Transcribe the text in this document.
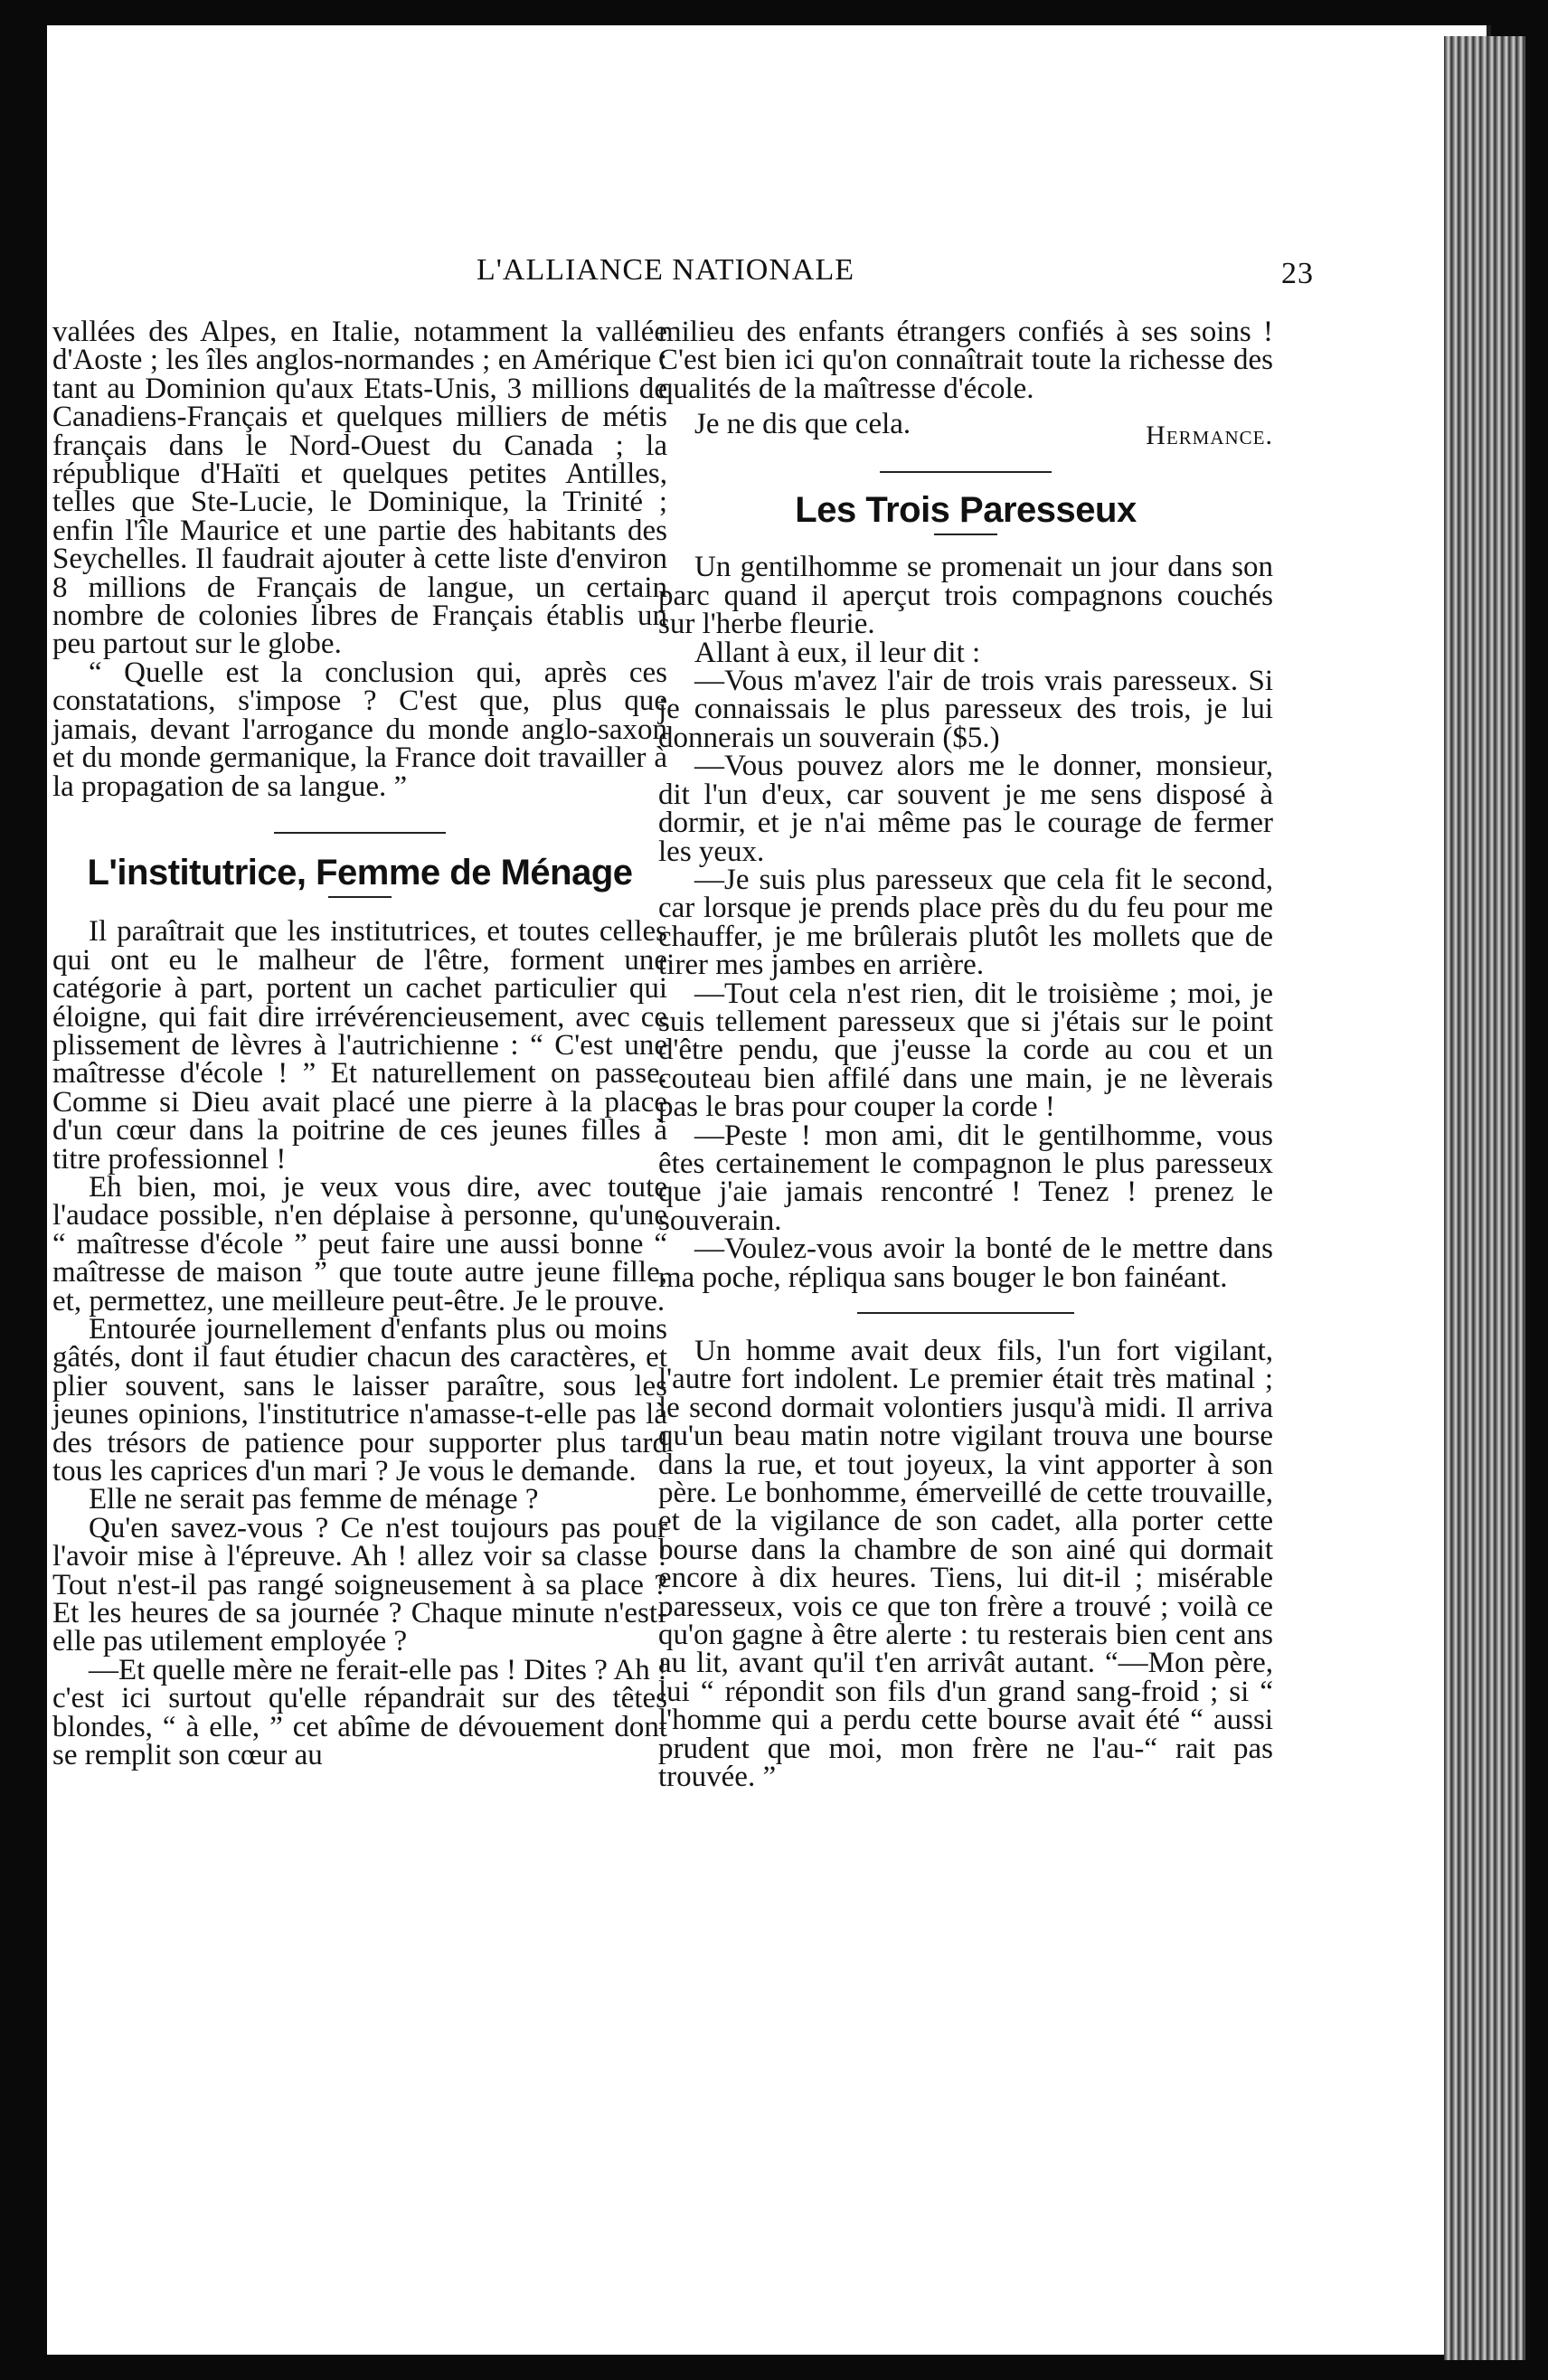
L'ALLIANCE NATIONALE	23

vallées des Alpes, en Italie, notamment la vallée d'Aoste ; les îles anglos-normandes ; en Amérique : tant au Dominion qu'aux Etats-Unis, 3 millions de Canadiens-Français et quelques milliers de métis français dans le Nord-Ouest du Canada ; la république d'Haïti et quelques petites Antilles, telles que Ste-Lucie, le Dominique, la Trinité ; enfin l'île Maurice et une partie des habitants des Seychelles. Il faudrait ajouter à cette liste d'environ 8 millions de Français de langue, un certain nombre de colonies libres de Français établis un peu partout sur le globe.

“ Quelle est la conclusion qui, après ces constatations, s'impose ? C'est que, plus que jamais, devant l'arrogance du monde anglo-saxon et du monde germanique, la France doit travailler à la propagation de sa langue. ”

L'institutrice, Femme de Ménage

Il paraîtrait que les institutrices, et toutes celles qui ont eu le malheur de l'être, forment une catégorie à part, portent un cachet particulier qui éloigne, qui fait dire irrévérencieusement, avec ce plissement de lèvres à l'autrichienne : “ C'est une maîtresse d'école ! ” Et naturellement on passe. Comme si Dieu avait placé une pierre à la place d'un cœur dans la poitrine de ces jeunes filles à titre professionnel !

Eh bien, moi, je veux vous dire, avec toute l'audace possible, n'en déplaise à personne, qu'une “ maîtresse d'école ” peut faire une aussi bonne “ maîtresse de maison ” que toute autre jeune fille, et, permettez, une meilleure peut-être. Je le prouve.

Entourée journellement d'enfants plus ou moins gâtés, dont il faut étudier chacun des caractères, et plier souvent, sans le laisser paraître, sous les jeunes opinions, l'institutrice n'amasse-t-elle pas là des trésors de patience pour supporter plus tard tous les caprices d'un mari ? Je vous le demande.

Elle ne serait pas femme de ménage ?

Qu'en savez-vous ? Ce n'est toujours pas pour l'avoir mise à l'épreuve. Ah ! allez voir sa classe ! Tout n'est-il pas rangé soigneusement à sa place ? Et les heures de sa journée ? Chaque minute n'est-elle pas utilement employée ?

—Et quelle mère ne ferait-elle pas ! Dites ? Ah ! c'est ici surtout qu'elle répandrait sur des têtes blondes, “ à elle, ” cet abîme de dévouement dont se remplit son cœur au

milieu des enfants étrangers confiés à ses soins ! C'est bien ici qu'on connaîtrait toute la richesse des qualités de la maîtresse d'école.

Je ne dis que cela.	Hermance.
Les Trois Paresseux

Un gentilhomme se promenait un jour dans son parc quand il aperçut trois compagnons couchés sur l'herbe fleurie.

Allant à eux, il leur dit :

—Vous m'avez l'air de trois vrais paresseux. Si je connaissais le plus paresseux des trois, je lui donnerais un souverain ($5.)

—Vous pouvez alors me le donner, monsieur, dit l'un d'eux, car souvent je me sens disposé à dormir, et je n'ai même pas le courage de fermer les yeux.

—Je suis plus paresseux que cela fit le second, car lorsque je prends place près du du feu pour me chauffer, je me brûlerais plutôt les mollets que de tirer mes jambes en arrière.

—Tout cela n'est rien, dit le troisième ; moi, je suis tellement paresseux que si j'étais sur le point d'être pendu, que j'eusse la corde au cou et un couteau bien affilé dans une main, je ne lèverais pas le bras pour couper la corde !

—Peste ! mon ami, dit le gentilhomme, vous êtes certainement le compagnon le plus paresseux que j'aie jamais rencontré ! Tenez ! prenez le souverain.

—Voulez-vous avoir la bonté de le mettre dans ma poche, répliqua sans bouger le bon fainéant.

Un homme avait deux fils, l'un fort vigilant, l'autre fort indolent. Le premier était très matinal ; le second dormait volontiers jusqu'à midi. Il arriva qu'un beau matin notre vigilant trouva une bourse dans la rue, et tout joyeux, la vint apporter à son père. Le bonhomme, émerveillé de cette trouvaille, et de la vigilance de son cadet, alla porter cette bourse dans la chambre de son ainé qui dormait encore à dix heures. Tiens, lui dit-il ; misérable paresseux, vois ce que ton frère a trouvé ; voilà ce qu'on gagne à être alerte : tu resterais bien cent ans au lit, avant qu'il t'en arrivât autant. “—Mon père, lui “ répondit son fils d'un grand sang-froid ; si “ l'homme qui a perdu cette bourse avait été “ aussi prudent que moi, mon frère ne l'au-“ rait pas trouvée. ”
